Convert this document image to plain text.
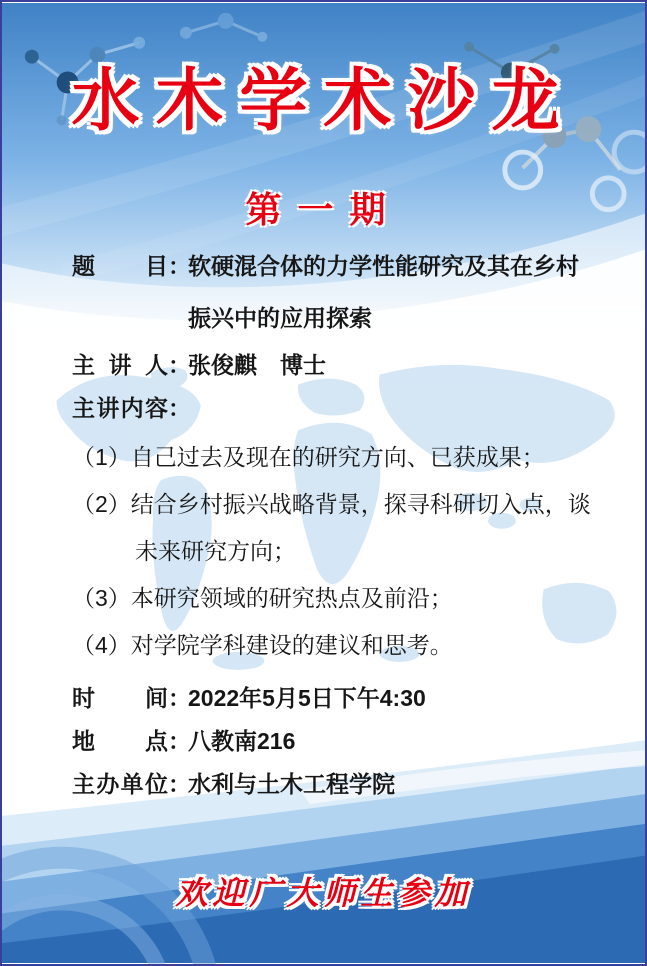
水木学术沙龙
第一期
题目 ：
软硬混合体的力学性能研究及其在乡村振兴中的应用探索
主讲人 ：
张俊麒　博士
主讲内容 ：
（1）自己过去及现在的研究方向、已获成果；
（2）结合乡村振兴战略背景，探寻科研切入点，谈未来研究方向；
（3）本研究领域的研究热点及前沿；
（4）对学院学科建设的建议和思考。
时间 ：
2022年5月5日下午4:30
地点 ：
八教南216
主办单位 ：
水利与土木工程学院
欢迎广大师生参加
